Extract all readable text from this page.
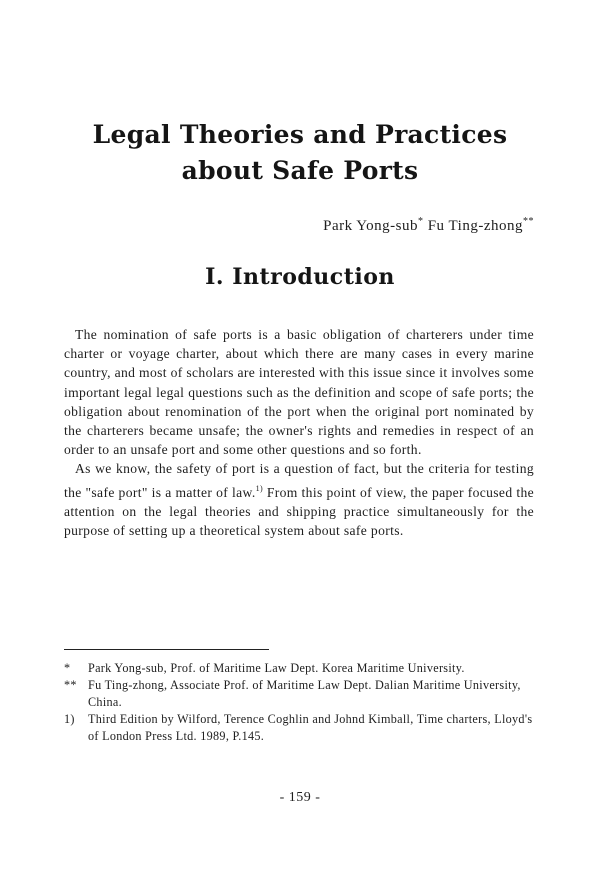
Legal Theories and Practices
about Safe Ports
Park Yong-sub* Fu Ting-zhong**
I. Introduction

The nomination of safe ports is a basic obligation of charterers under time charter or voyage charter, about which there are many cases in every marine country, and most of scholars are interested with this issue since it involves some important legal legal questions such as the definition and scope of safe ports; the obligation about renomination of the port when the original port nominated by the charterers became unsafe; the owner's rights and remedies in respect of an order to an unsafe port and some other questions and so forth.

As we know, the safety of port is a question of fact, but the criteria for testing the "safe port" is a matter of law.$^{1)}$ From this point of view, the paper focused the attention on the legal theories and shipping practice simultaneously for the purpose of setting up a theoretical system about safe ports.

* Park Yong-sub, Prof. of Maritime Law Dept. Korea Maritime University.
** Fu Ting-zhong, Associate Prof. of Maritime Law Dept. Dalian Maritime University, China.
1) Third Edition by Wilford, Terence Coghlin and Johnd Kimball, Time charters, Lloyd's of London Press Ltd. 1989, P.145.
- 159 -
